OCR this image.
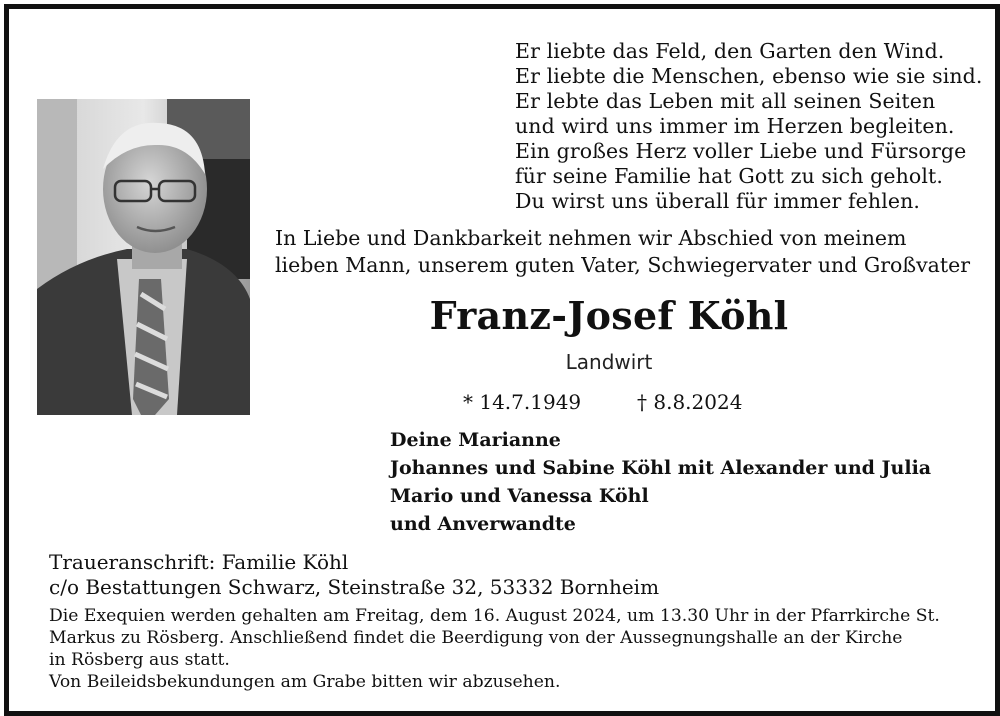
Er liebte das Feld, den Garten den Wind.
Er liebte die Menschen, ebenso wie sie sind.
Er lebte das Leben mit all seinen Seiten
und wird uns immer im Herzen begleiten.
Ein großes Herz voller Liebe und Fürsorge
für seine Familie hat Gott zu sich geholt.
Du wirst uns überall für immer fehlen.
In Liebe und Dankbarkeit nehmen wir Abschied von meinem
lieben Mann, unserem guten Vater, Schwiegervater und Großvater
Franz-Josef Köhl
Landwirt
* 14.7.1949	† 8.8.2024
Deine Marianne
Johannes und Sabine Köhl mit Alexander und Julia
Mario und Vanessa Köhl
und Anverwandte
Traueranschrift: Familie Köhl
c/o Bestattungen Schwarz, Steinstraße 32, 53332 Bornheim
Die Exequien werden gehalten am Freitag, dem 16. August 2024, um 13.30 Uhr in der Pfarrkirche St.
Markus zu Rösberg. Anschließend findet die Beerdigung von der Aussegnungshalle an der Kirche
in Rösberg aus statt.
Von Beileidsbekundungen am Grabe bitten wir abzusehen.
